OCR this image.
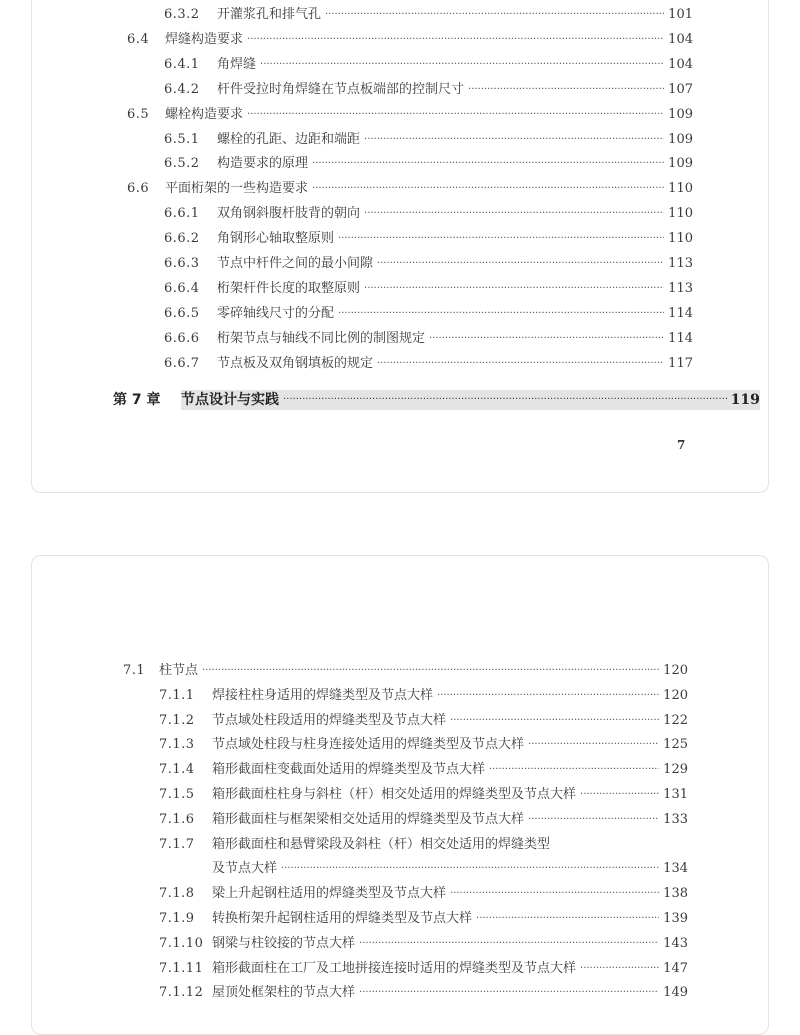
6.3.2	开灌浆孔和排气孔 ·····	101
6.4	焊缝构造要求 ·····	104
6.4.1	角焊缝 ·····	104
6.4.2	杆件受拉时角焊缝在节点板端部的控制尺寸 ·····	107
6.5	螺栓构造要求 ·····	109
6.5.1	螺栓的孔距、边距和端距 ·····	109
6.5.2	构造要求的原理 ·····	109
6.6	平面桁架的一些构造要求 ·····	110
6.6.1	双角钢斜腹杆肢背的朝向 ·····	110
6.6.2	角钢形心轴取整原则 ·····	110
6.6.3	节点中杆件之间的最小间隙 ·····	113
6.6.4	桁架杆件长度的取整原则 ·····	113
6.6.5	零碎轴线尺寸的分配 ·····	114
6.6.6	桁架节点与轴线不同比例的制图规定 ·····	114
6.6.7	节点板及双角钢填板的规定 ·····	117
第 7 章	节点设计与实践 ·····	119
7
7.1	柱节点 ·····	120
7.1.1	焊接柱柱身适用的焊缝类型及节点大样 ·····	120
7.1.2	节点域处柱段适用的焊缝类型及节点大样 ·····	122
7.1.3	节点域处柱段与柱身连接处适用的焊缝类型及节点大样 ·····	125
7.1.4	箱形截面柱变截面处适用的焊缝类型及节点大样 ·····	129
7.1.5	箱形截面柱柱身与斜柱（杆）相交处适用的焊缝类型及节点大样 ·····	131
7.1.6	箱形截面柱与框架梁相交处适用的焊缝类型及节点大样 ·····	133
7.1.7	箱形截面柱和悬臂梁段及斜柱（杆）相交处适用的焊缝类型
及节点大样 ·····	134
7.1.8	梁上升起钢柱适用的焊缝类型及节点大样 ·····	138
7.1.9	转换桁架升起钢柱适用的焊缝类型及节点大样 ·····	139
7.1.10 钢梁与柱铰接的节点大样 ·····	143
7.1.11 箱形截面柱在工厂及工地拼接连接时适用的焊缝类型及节点大样 ·····	147
7.1.12 屋顶处框架柱的节点大样 ·····	149
